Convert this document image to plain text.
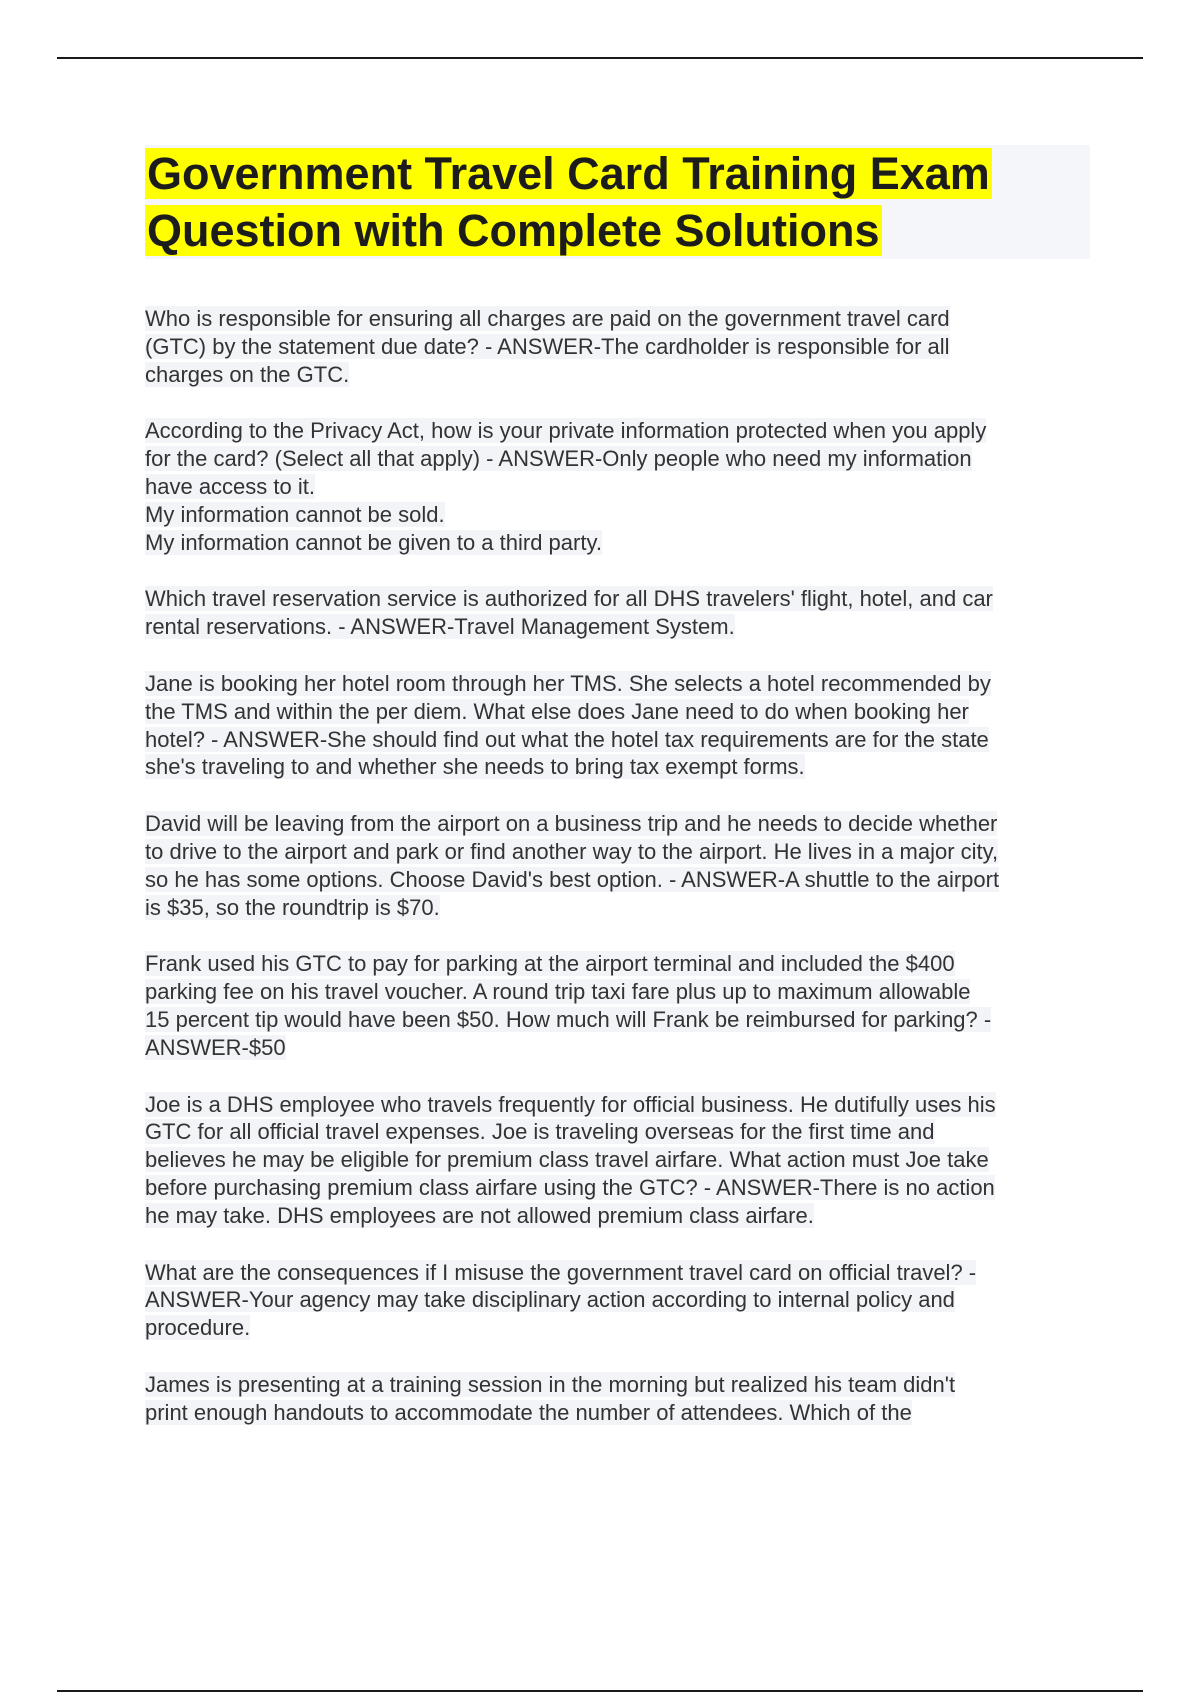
Government Travel Card Training Exam
Question with Complete Solutions
Who is responsible for ensuring all charges are paid on the government travel card
(GTC) by the statement due date? - ANSWER-The cardholder is responsible for all
charges on the GTC.
According to the Privacy Act, how is your private information protected when you apply
for the card? (Select all that apply) - ANSWER-Only people who need my information
have access to it.
My information cannot be sold.
My information cannot be given to a third party.
Which travel reservation service is authorized for all DHS travelers' flight, hotel, and car
rental reservations. - ANSWER-Travel Management System.
Jane is booking her hotel room through her TMS. She selects a hotel recommended by
the TMS and within the per diem. What else does Jane need to do when booking her
hotel? - ANSWER-She should find out what the hotel tax requirements are for the state
she's traveling to and whether she needs to bring tax exempt forms.
David will be leaving from the airport on a business trip and he needs to decide whether
to drive to the airport and park or find another way to the airport. He lives in a major city,
so he has some options. Choose David's best option. - ANSWER-A shuttle to the airport
is $35, so the roundtrip is $70.
Frank used his GTC to pay for parking at the airport terminal and included the $400
parking fee on his travel voucher. A round trip taxi fare plus up to maximum allowable
15 percent tip would have been $50. How much will Frank be reimbursed for parking? -
ANSWER-$50
Joe is a DHS employee who travels frequently for official business. He dutifully uses his
GTC for all official travel expenses. Joe is traveling overseas for the first time and
believes he may be eligible for premium class travel airfare. What action must Joe take
before purchasing premium class airfare using the GTC? - ANSWER-There is no action
he may take. DHS employees are not allowed premium class airfare.
What are the consequences if I misuse the government travel card on official travel? -
ANSWER-Your agency may take disciplinary action according to internal policy and
procedure.
James is presenting at a training session in the morning but realized his team didn't
print enough handouts to accommodate the number of attendees. Which of the
